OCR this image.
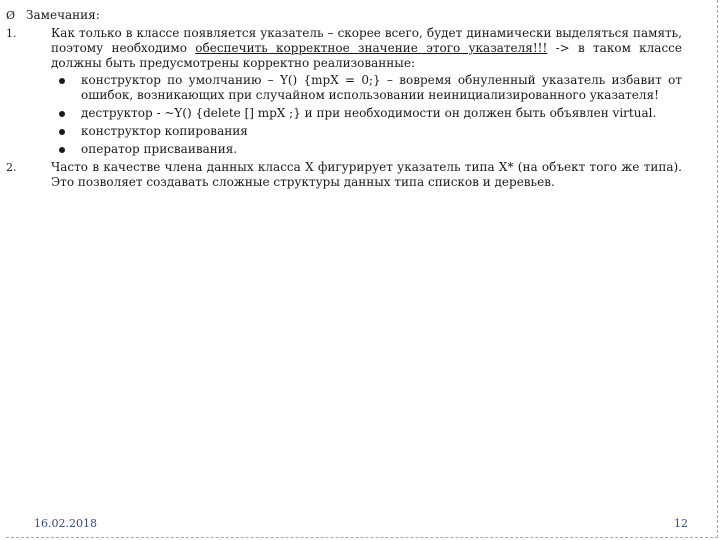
Ø Замечания:
1.	Как только в классе появляется указатель – скорее всего, будет динамически выделяться память, поэтому необходимо обеспечить корректное значение этого указателя!!! -> в таком классе должны быть предусмотрены корректно реализованные:

конструктор по умолчанию – Y() {mpX = 0;} – вовремя обнуленный указатель избавит от ошибок, возникающих при случайном использовании неинициализированного указателя!
деструктор - ~Y() {delete [] mpX ;} и при необходимости он должен быть объявлен virtual.
конструктор копирования
оператор присваивания.
2.	Часто в качестве члена данных класса X фигурирует указатель типа X* (на объект того же типа). Это позволяет создавать сложные структуры данных типа списков и деревьев.

16.02.2018	12
